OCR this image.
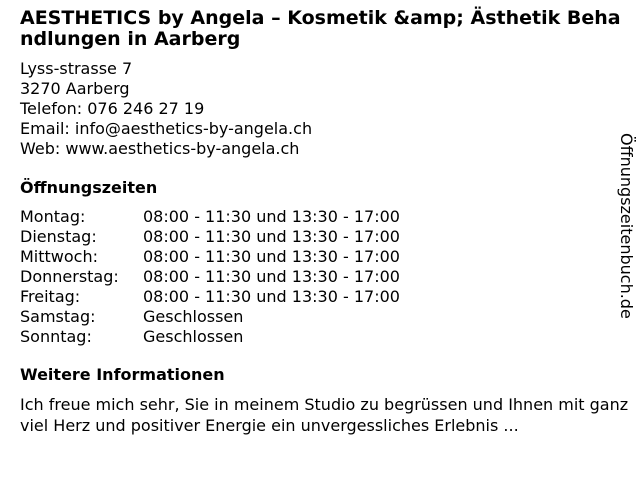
AESTHETICS by Angela – Kosmetik &amp; Ästhetik Behandlungen in Aarberg
Lyss-strasse 7
3270 Aarberg
Telefon: 076 246 27 19
Email: info@aesthetics-by-angela.ch
Web: www.aesthetics-by-angela.ch
Öffnungszeiten
Montag:	08:00 - 11:30 und 13:30 - 17:00
Dienstag:	08:00 - 11:30 und 13:30 - 17:00
Mittwoch:	08:00 - 11:30 und 13:30 - 17:00
Donnerstag:	08:00 - 11:30 und 13:30 - 17:00
Freitag:	08:00 - 11:30 und 13:30 - 17:00
Samstag:	Geschlossen
Sonntag:	Geschlossen
Weitere Informationen
Ich freue mich sehr, Sie in meinem Studio zu begrüssen und Ihnen mit ganz viel Herz und positiver Energie ein unvergessliches Erlebnis ...
Öffnungszeitenbuch.de
